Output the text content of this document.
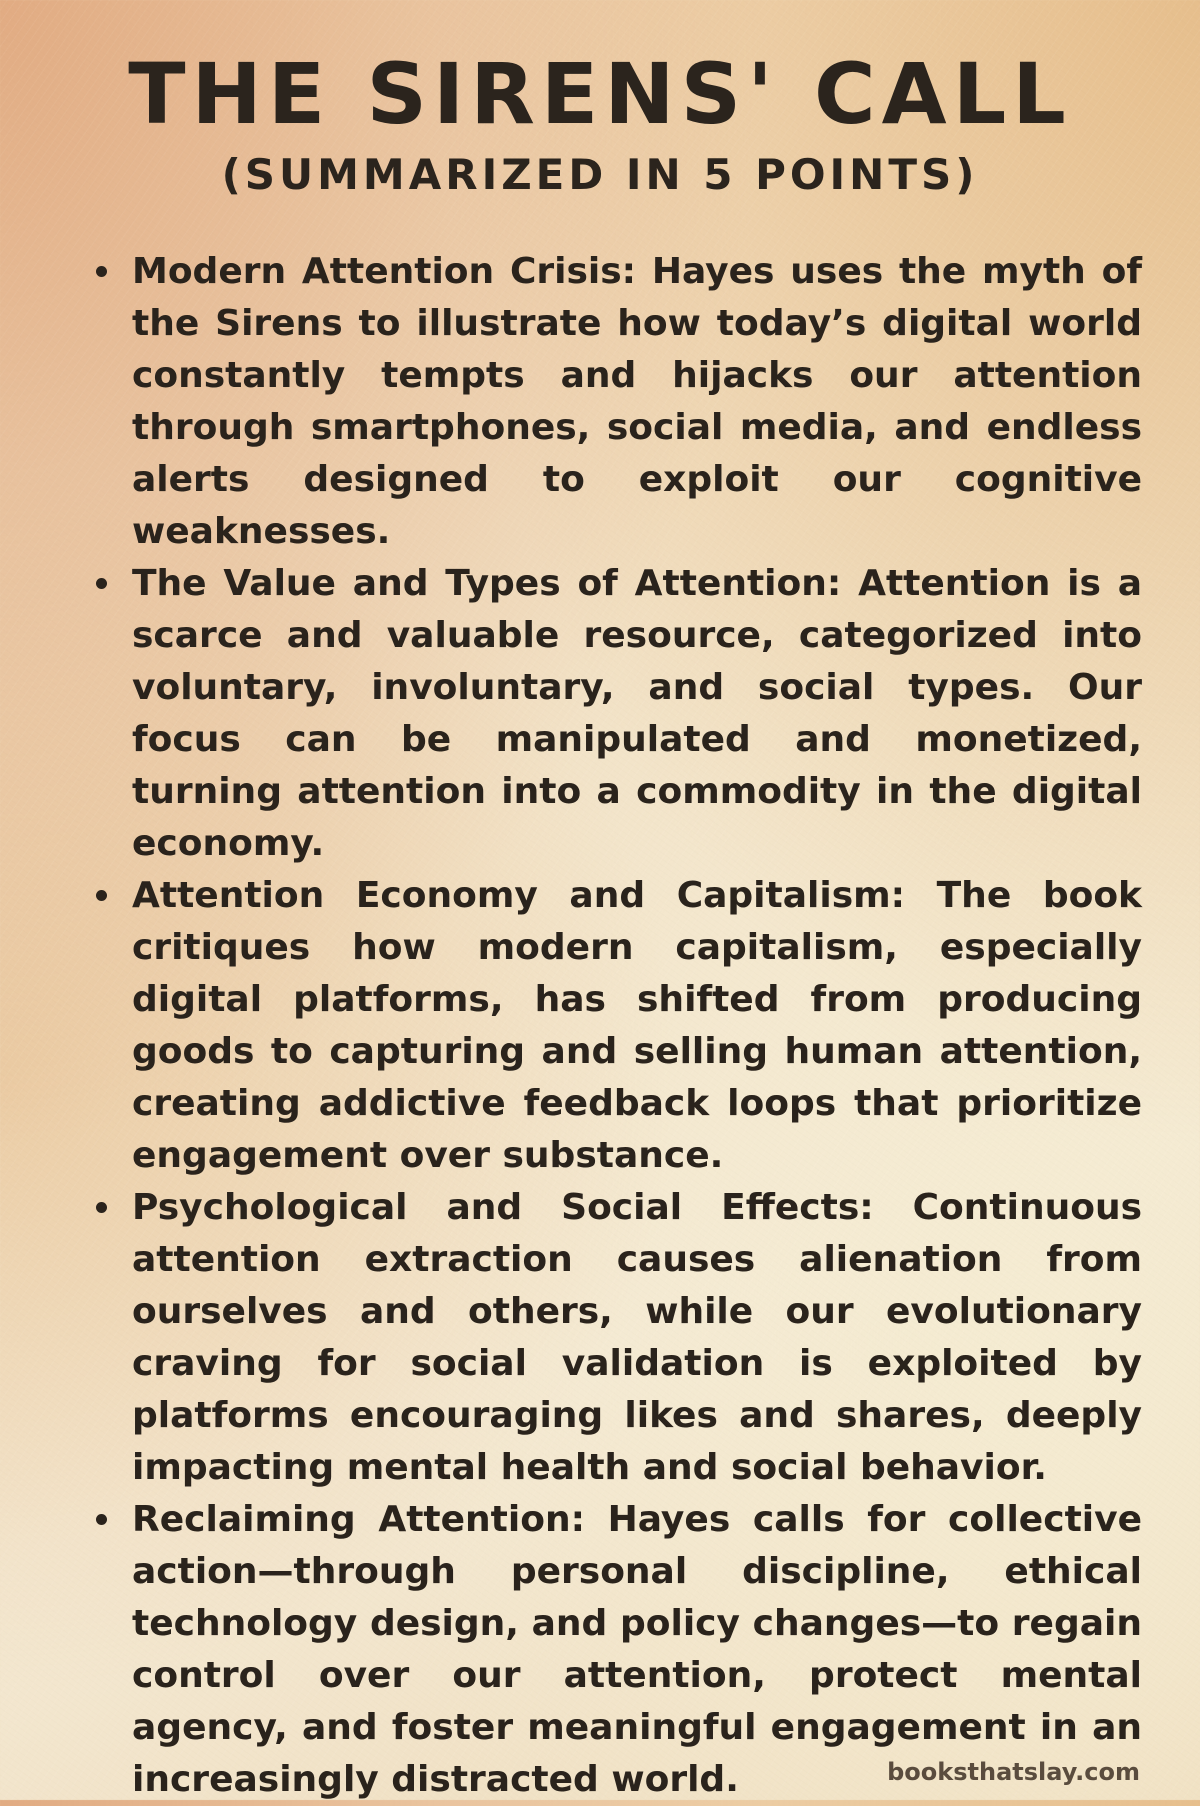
THE SIRENS' CALL
(SUMMARIZED IN 5 POINTS)
Modern Attention Crisis: Hayes uses the myth of the Sirens to illustrate how today’s digital world constantly tempts and hijacks our attention through smartphones, social media, and endless alerts designed to exploit our cognitive weaknesses.
The Value and Types of Attention: Attention is a scarce and valuable resource, categorized into voluntary, involuntary, and social types. Our focus can be manipulated and monetized, turning attention into a commodity in the digital economy.
Attention Economy and Capitalism: The book critiques how modern capitalism, especially digital platforms, has shifted from producing goods to capturing and selling human attention, creating addictive feedback loops that prioritize engagement over substance.
Psychological and Social Effects: Continuous attention extraction causes alienation from ourselves and others, while our evolutionary craving for social validation is exploited by platforms encouraging likes and shares, deeply impacting mental health and social behavior.
Reclaiming Attention: Hayes calls for collective action—through personal discipline, ethical technology design, and policy changes—to regain control over our attention, protect mental agency, and foster meaningful engagement in an increasingly distracted world.	booksthatslay.com
